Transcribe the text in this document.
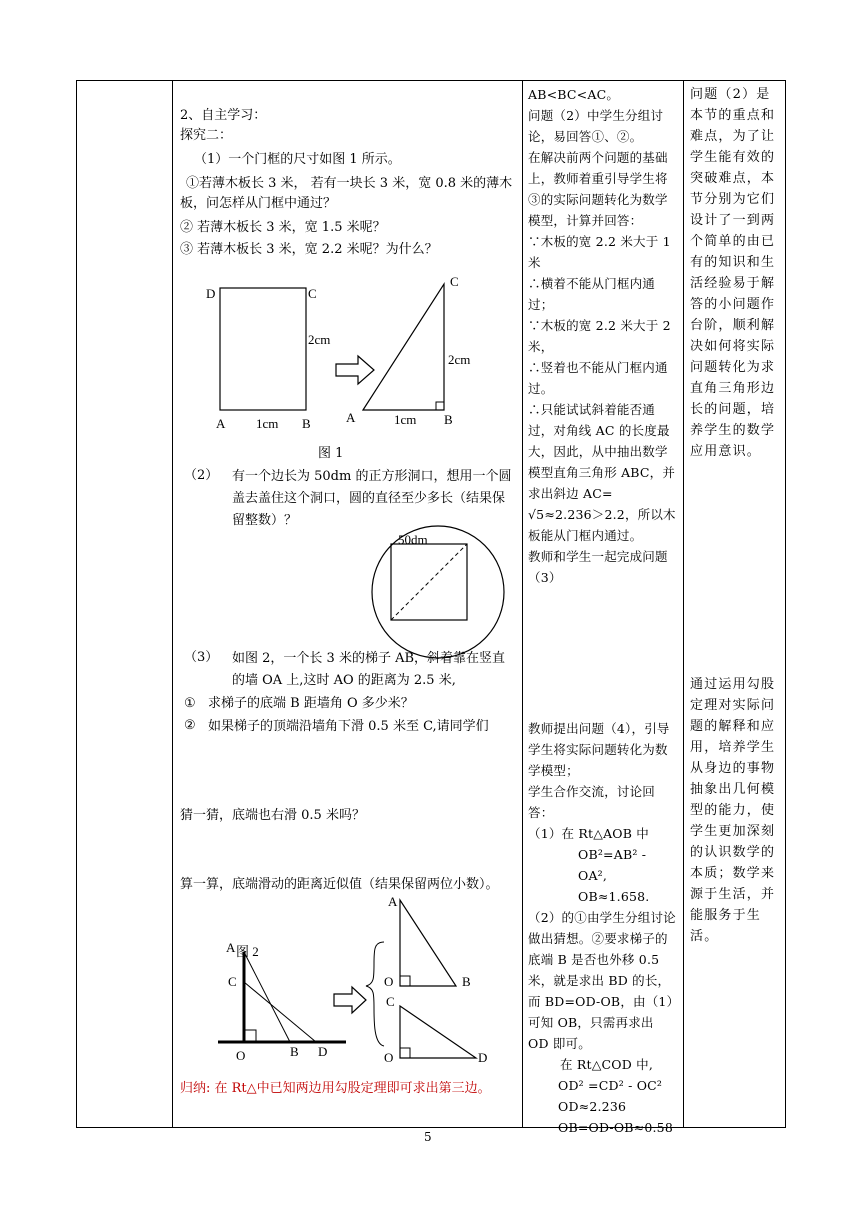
2、自主学习：
探究二：
（1）一个门框的尺寸如图 1 所示。
①若薄木板长 3 米， 若有一块长 3 米，宽 0.8 米的薄木板，问怎样从门框中通过？
② 若薄木板长 3 米，宽 1.5 米呢？
③ 若薄木板长 3 米，宽 2.2 米呢？为什么？
D	C
2cm
A 1cm B
C
2cm
A	1cm B
图 1
（2） 有一个边长为 50dm 的正方形洞口，想用一个圆盖去盖住这个洞口，圆的直径至少多长（结果保留整数）？
50dm
（3） 如图 2，一个长 3 米的梯子 AB，斜着靠在竖直的墙 OA 上,这时 AO 的距离为 2.5 米,
① 求梯子的底端 B 距墙角 O 多少米？
② 如果梯子的顶端沿墙角下滑 0.5 米至 C,请同学们
猜一猜，底端也右滑 0.5 米吗？
算一算，底端滑动的距离近似值（结果保留两位小数）。
A 图 2
C
O	B D
A
O	B
C
O	D
归纳: 在 Rt△中已知两边用勾股定理即可求出第三边。
AB<BC<AC。
问题（2）中学生分组讨论，易回答①、②。
在解决前两个问题的基础上，教师着重引导学生将③的实际问题转化为数学模型，计算并回答：
∵木板的宽 2.2 米大于 1 米
∴横着不能从门框内通过；
∵木板的宽 2.2 米大于 2 米，
∴竖着也不能从门框内通过。
∴只能试试斜着能否通过，对角线 AC 的长度最大，因此，从中抽出数学模型直角三角形 ABC，并求出斜边 AC= √5≈2.236＞2.2，所以木板能从门框内通过。
教师和学生一起完成问题（3）
教师提出问题（4），引导学生将实际问题转化为数学模型；
学生合作交流，讨论回答：
（1）在 Rt△AOB 中
OB²=AB² - OA²,
OB≈1.658.
（2）的①由学生分组讨论做出猜想。②要求梯子的底端 B 是否也外移 0.5 米，就是求出 BD 的长，而 BD=OD-OB，由（1）可知 OB，只需再求出 OD 即可。
在 Rt△COD 中,
OD² =CD² - OC²
OD≈2.236
OB=OD-OB≈0.58
问题（2）是本节的重点和难点，为了让学生能有效的突破难点，本节分别为它们设计了一到两个简单的由已有的知识和生活经验易于解答的小问题作台阶，顺利解决如何将实际问题转化为求直角三角形边长的问题，培养学生的数学应用意识。
通过运用勾股定理对实际问题的解释和应用，培养学生从身边的事物抽象出几何模型的能力，使学生更加深刻的认识数学的本质；数学来源于生活，并能服务于生活。
5
